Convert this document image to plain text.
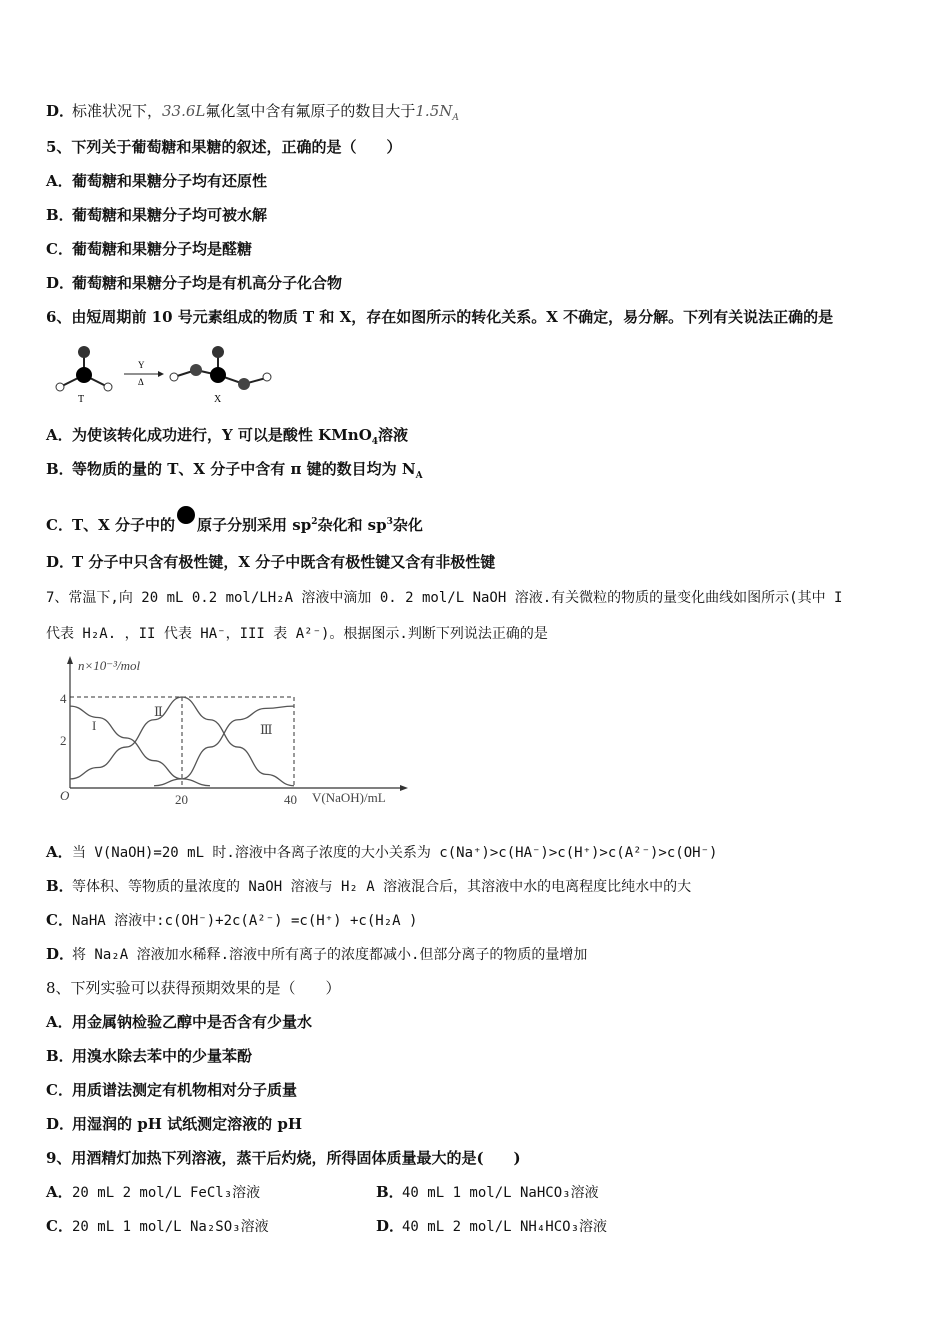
D．标准状况下，33.6L氟化氢中含有氟原子的数目大于$1.5N_A$
5、下列关于葡萄糖和果糖的叙述，正确的是（　　）
A．葡萄糖和果糖分子均有还原性
B．葡萄糖和果糖分子均可被水解
C．葡萄糖和果糖分子均是醛糖
D．葡萄糖和果糖分子均是有机高分子化合物
6、由短周期前 10 号元素组成的物质 T 和 X，存在如图所示的转化关系。X 不确定，易分解。下列有关说法正确的是
T
Y
Δ
X
A．为使该转化成功进行，Y 可以是酸性 KMnO$_4$溶液
B．等物质的量的 T、X 分子中含有 π 键的数目均为 $N_A$
C．T、X 分子中的 原子分别采用 $sp^2$杂化和 $sp^3$杂化
D．T 分子中只含有极性键，X 分子中既含有极性键又含有非极性键
7、常温下,向 20 mL 0.2 mol/LH₂A 溶液中滴加 0. 2 mol/L NaOH 溶液.有关微粒的物质的量变化曲线如图所示(其中 I
代表 H₂A. ，II 代表 HA⁻，III 表 A²⁻)。根据图示.判断下列说法正确的是
n×10⁻³/mol
V(NaOH)/mL
O
4
2
20	40
I
Ⅱ
Ⅲ
A．当 V(NaOH)=20 mL 时.溶液中各离子浓度的大小关系为 c(Na⁺)>c(HA⁻)>c(H⁺)>c(A²⁻)>c(OH⁻)
B．等体积、等物质的量浓度的 NaOH 溶液与 H₂ A 溶液混合后，其溶液中水的电离程度比纯水中的大
C．NaHA 溶液中:c(OH⁻)+2c(A²⁻) =c(H⁺) +c(H₂A )
D．将 Na₂A 溶液加水稀释.溶液中所有离子的浓度都减小.但部分离子的物质的量增加
8、下列实验可以获得预期效果的是（　　）
A．用金属钠检验乙醇中是否含有少量水
B．用溴水除去苯中的少量苯酚
C．用质谱法测定有机物相对分子质量
D．用湿润的 pH 试纸测定溶液的 pH
9、用酒精灯加热下列溶液，蒸干后灼烧，所得固体质量最大的是(　　)
A．20 mL 2 mol/L FeCl₃溶液	B．40 mL 1 mol/L NaHCO₃溶液
C．20 mL 1 mol/L Na₂SO₃溶液	D．40 mL 2 mol/L NH₄HCO₃溶液
